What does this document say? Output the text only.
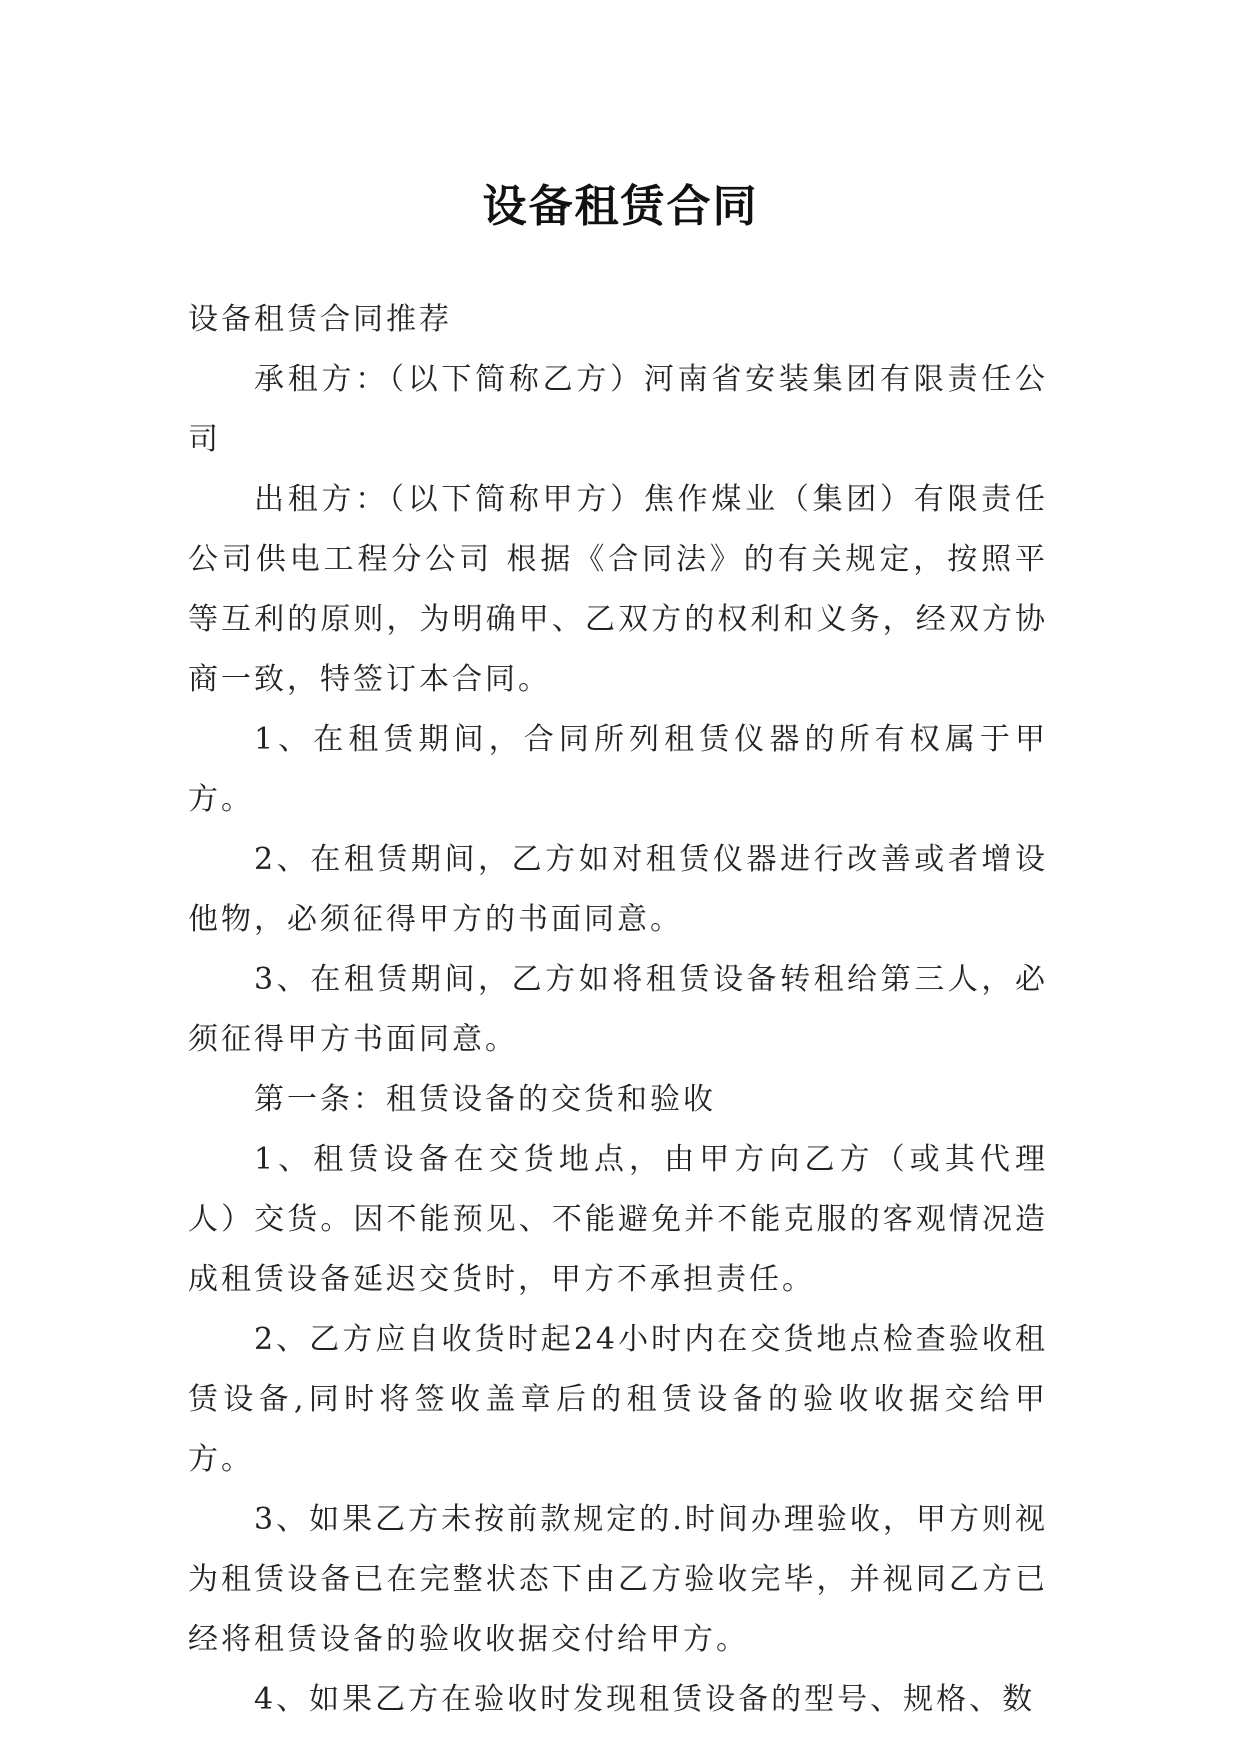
设备租赁合同

设备租赁合同推荐

承租方：（以下简称乙方）河南省安装集团有限责任公司

出租方：（以下简称甲方）焦作煤业（集团）有限责任公司供电工程分公司 根据《合同法》的有关规定，按照平等互利的原则，为明确甲、乙双方的权利和义务，经双方协商一致，特签订本合同。

1、在租赁期间，合同所列租赁仪器的所有权属于甲方。

2、在租赁期间，乙方如对租赁仪器进行改善或者增设他物，必须征得甲方的书面同意。

3、在租赁期间，乙方如将租赁设备转租给第三人，必须征得甲方书面同意。

第一条：租赁设备的交货和验收

1、租赁设备在交货地点，由甲方向乙方（或其代理人）交货。因不能预见、不能避免并不能克服的客观情况造成租赁设备延迟交货时，甲方不承担责任。

2、乙方应自收货时起24小时内在交货地点检查验收租赁设备,同时将签收盖章后的租赁设备的验收收据交给甲方。

3、如果乙方未按前款规定的.时间办理验收，甲方则视为租赁设备已在完整状态下由乙方验收完毕，并视同乙方已经将租赁设备的验收收据交付给甲方。

4、如果乙方在验收时发现租赁设备的型号、规格、数
